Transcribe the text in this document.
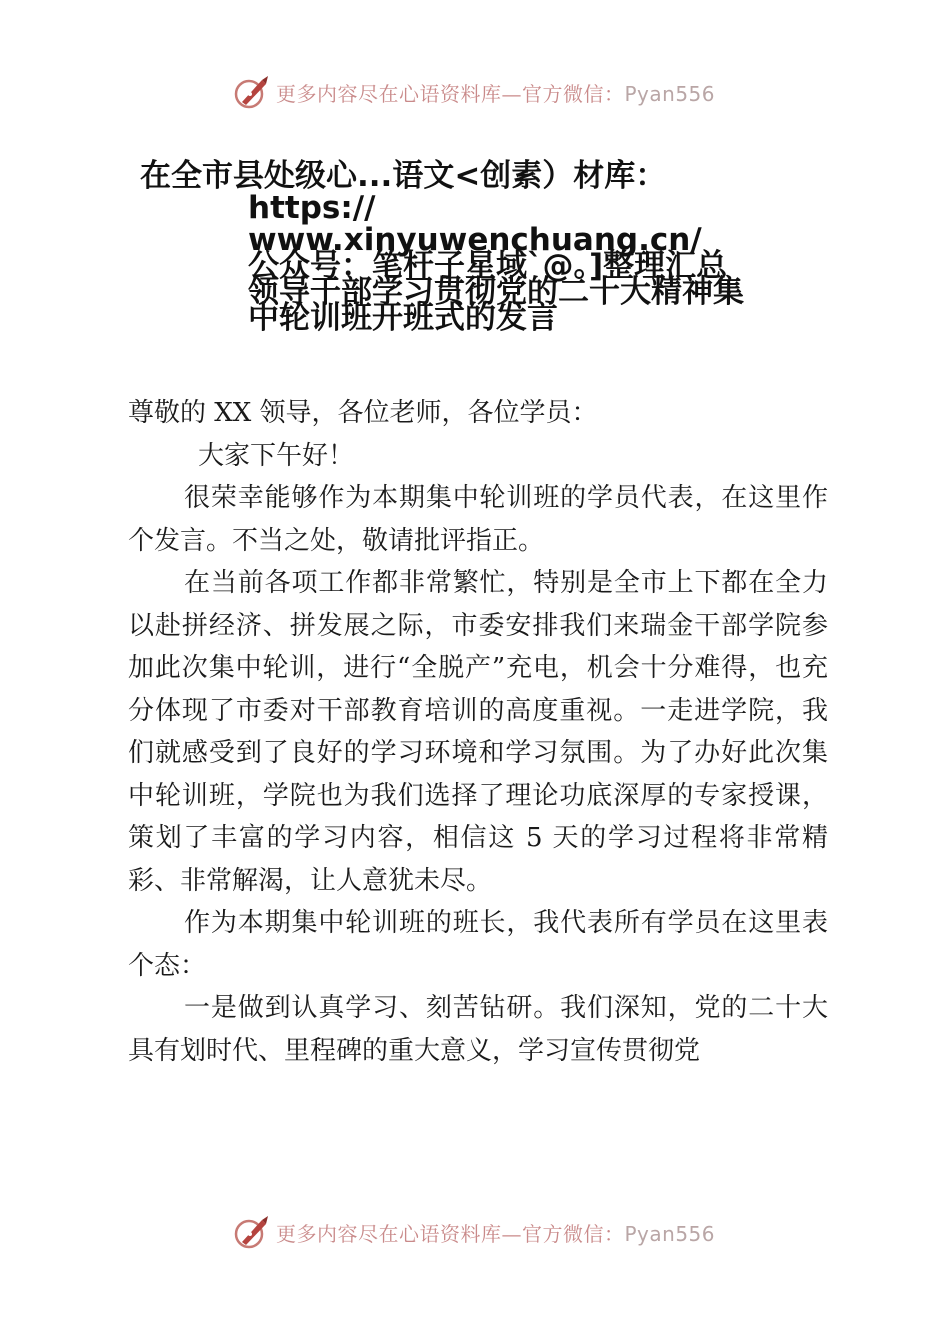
更多内容尽在心语资料库—官方微信：Pyan556
在全市县处级心...语文<创素）材库：
https://
www.xinyuwenchuang.cn/
公众号：笔杆子星域`@。]整理汇总
领导干部学习贯彻党的二十大精神集
中轮训班开班式的发言

尊敬的 XX 领导，各位老师，各位学员：

大家下午好！

很荣幸能够作为本期集中轮训班的学员代表，在这里作个发言。不当之处，敬请批评指正。

在当前各项工作都非常繁忙，特别是全市上下都在全力以赴拼经济、拼发展之际，市委安排我们来瑞金干部学院参加此次集中轮训，进行“全脱产”充电，机会十分难得，也充分体现了市委对干部教育培训的高度重视。一走进学院，我们就感受到了良好的学习环境和学习氛围。为了办好此次集中轮训班，学院也为我们选择了理论功底深厚的专家授课，策划了丰富的学习内容，相信这 5 天的学习过程将非常精彩、非常解渴，让人意犹未尽。

作为本期集中轮训班的班长，我代表所有学员在这里表个态：

一是做到认真学习、刻苦钻研。我们深知，党的二十大具有划时代、里程碑的重大意义，学习宣传贯彻党

更多内容尽在心语资料库—官方微信：Pyan556
